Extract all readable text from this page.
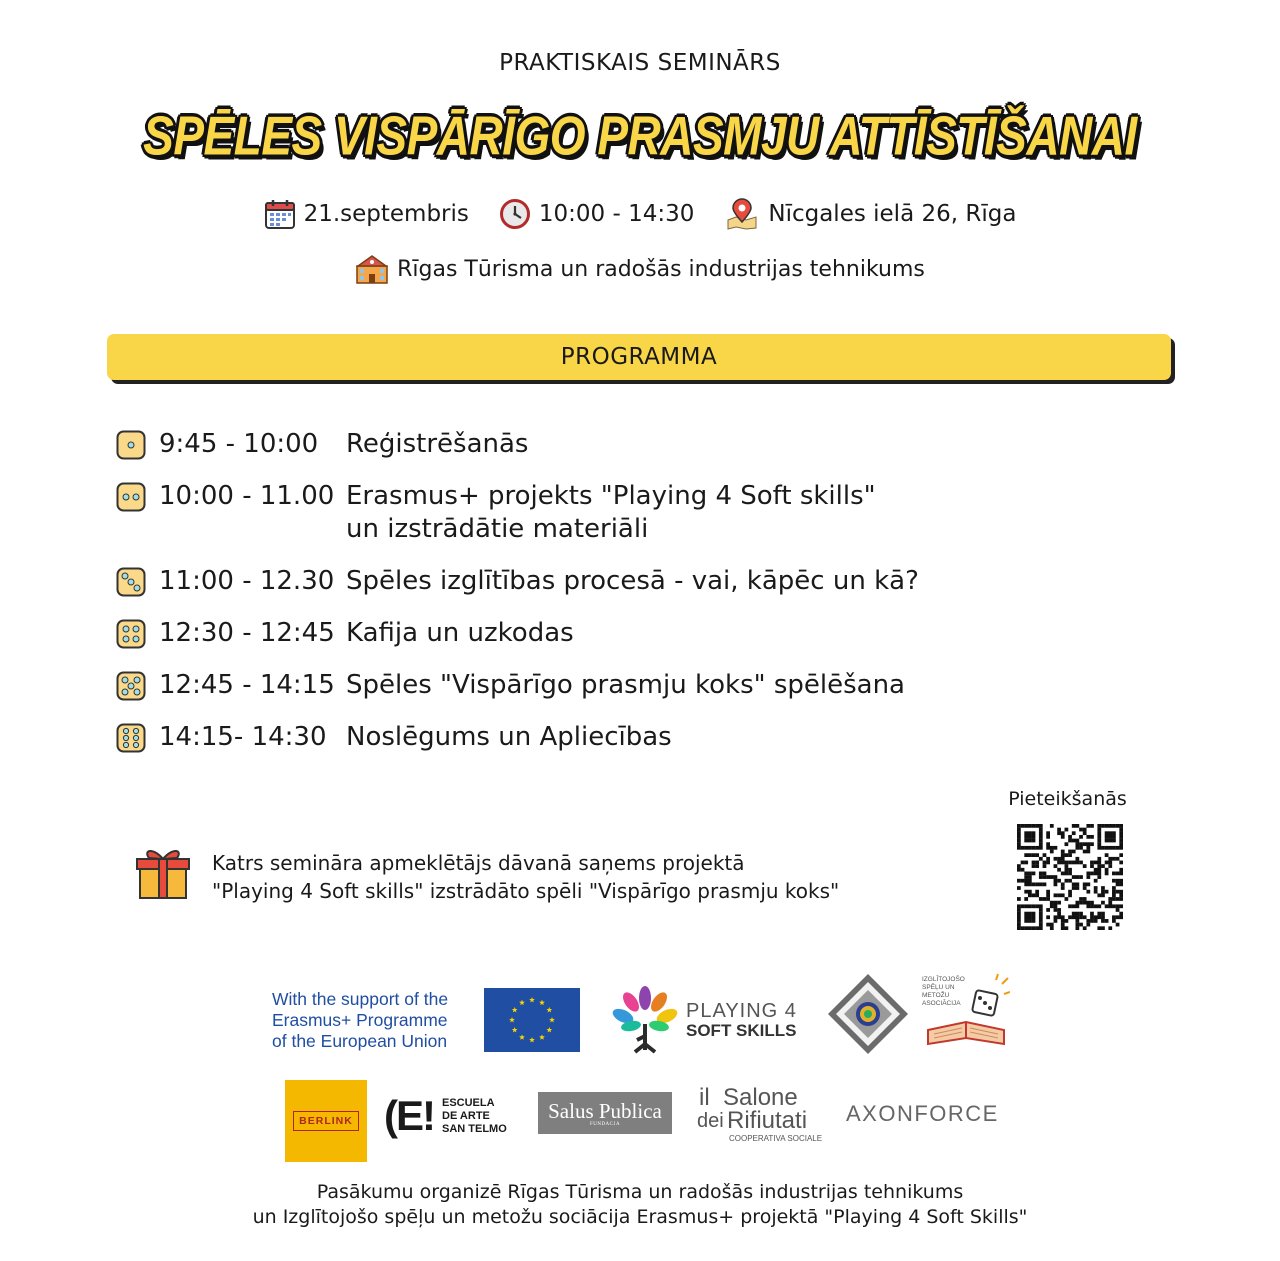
PRAKTISKAIS SEMINĀRS
SPĒLES VISPĀRĪGO PRASMJU ATTĪSTĪŠANAI
21.septembris	10:00 - 14:30	Nīcgales ielā 26, Rīga
Rīgas Tūrisma un radošās industrijas tehnikums
PROGRAMMA
9:45 - 10:00	Reģistrēšanās
10:00 - 11.00 Erasmus+ projekts "Playing 4 Soft skills"
un izstrādātie materiāli
11:00 - 12.30 Spēles izglītības procesā - vai, kāpēc un kā?
12:30 - 12:45 Kafija un uzkodas
12:45 - 14:15 Spēles "Vispārīgo prasmju koks" spēlēšana
14:15- 14:30 Noslēgums un Apliecības
Pieteikšanās
Katrs semināra apmeklētājs dāvanā saņems projektā
"Playing 4 Soft skills" izstrādāto spēli "Vispārīgo prasmju koks"
With the support of the
Erasmus+ Programme
of the European Union
PLAYING 4
SOFT SKILLS
IZGLĪTOJOŠO
SPĒĻU UN
METOŽU
ASOCIĀCIJA
BERLINK (E! ESCUELA
DE ARTE
SAN TELMO
Salus Publica
FUNDACJA
il Salone
dei Rifiutati
COOPERATIVA SOCIALE
AXONFORCE
Pasākumu organizē Rīgas Tūrisma un radošās industrijas tehnikums
un Izglītojošo spēļu un metožu sociācija Erasmus+ projektā "Playing 4 Soft Skills"
